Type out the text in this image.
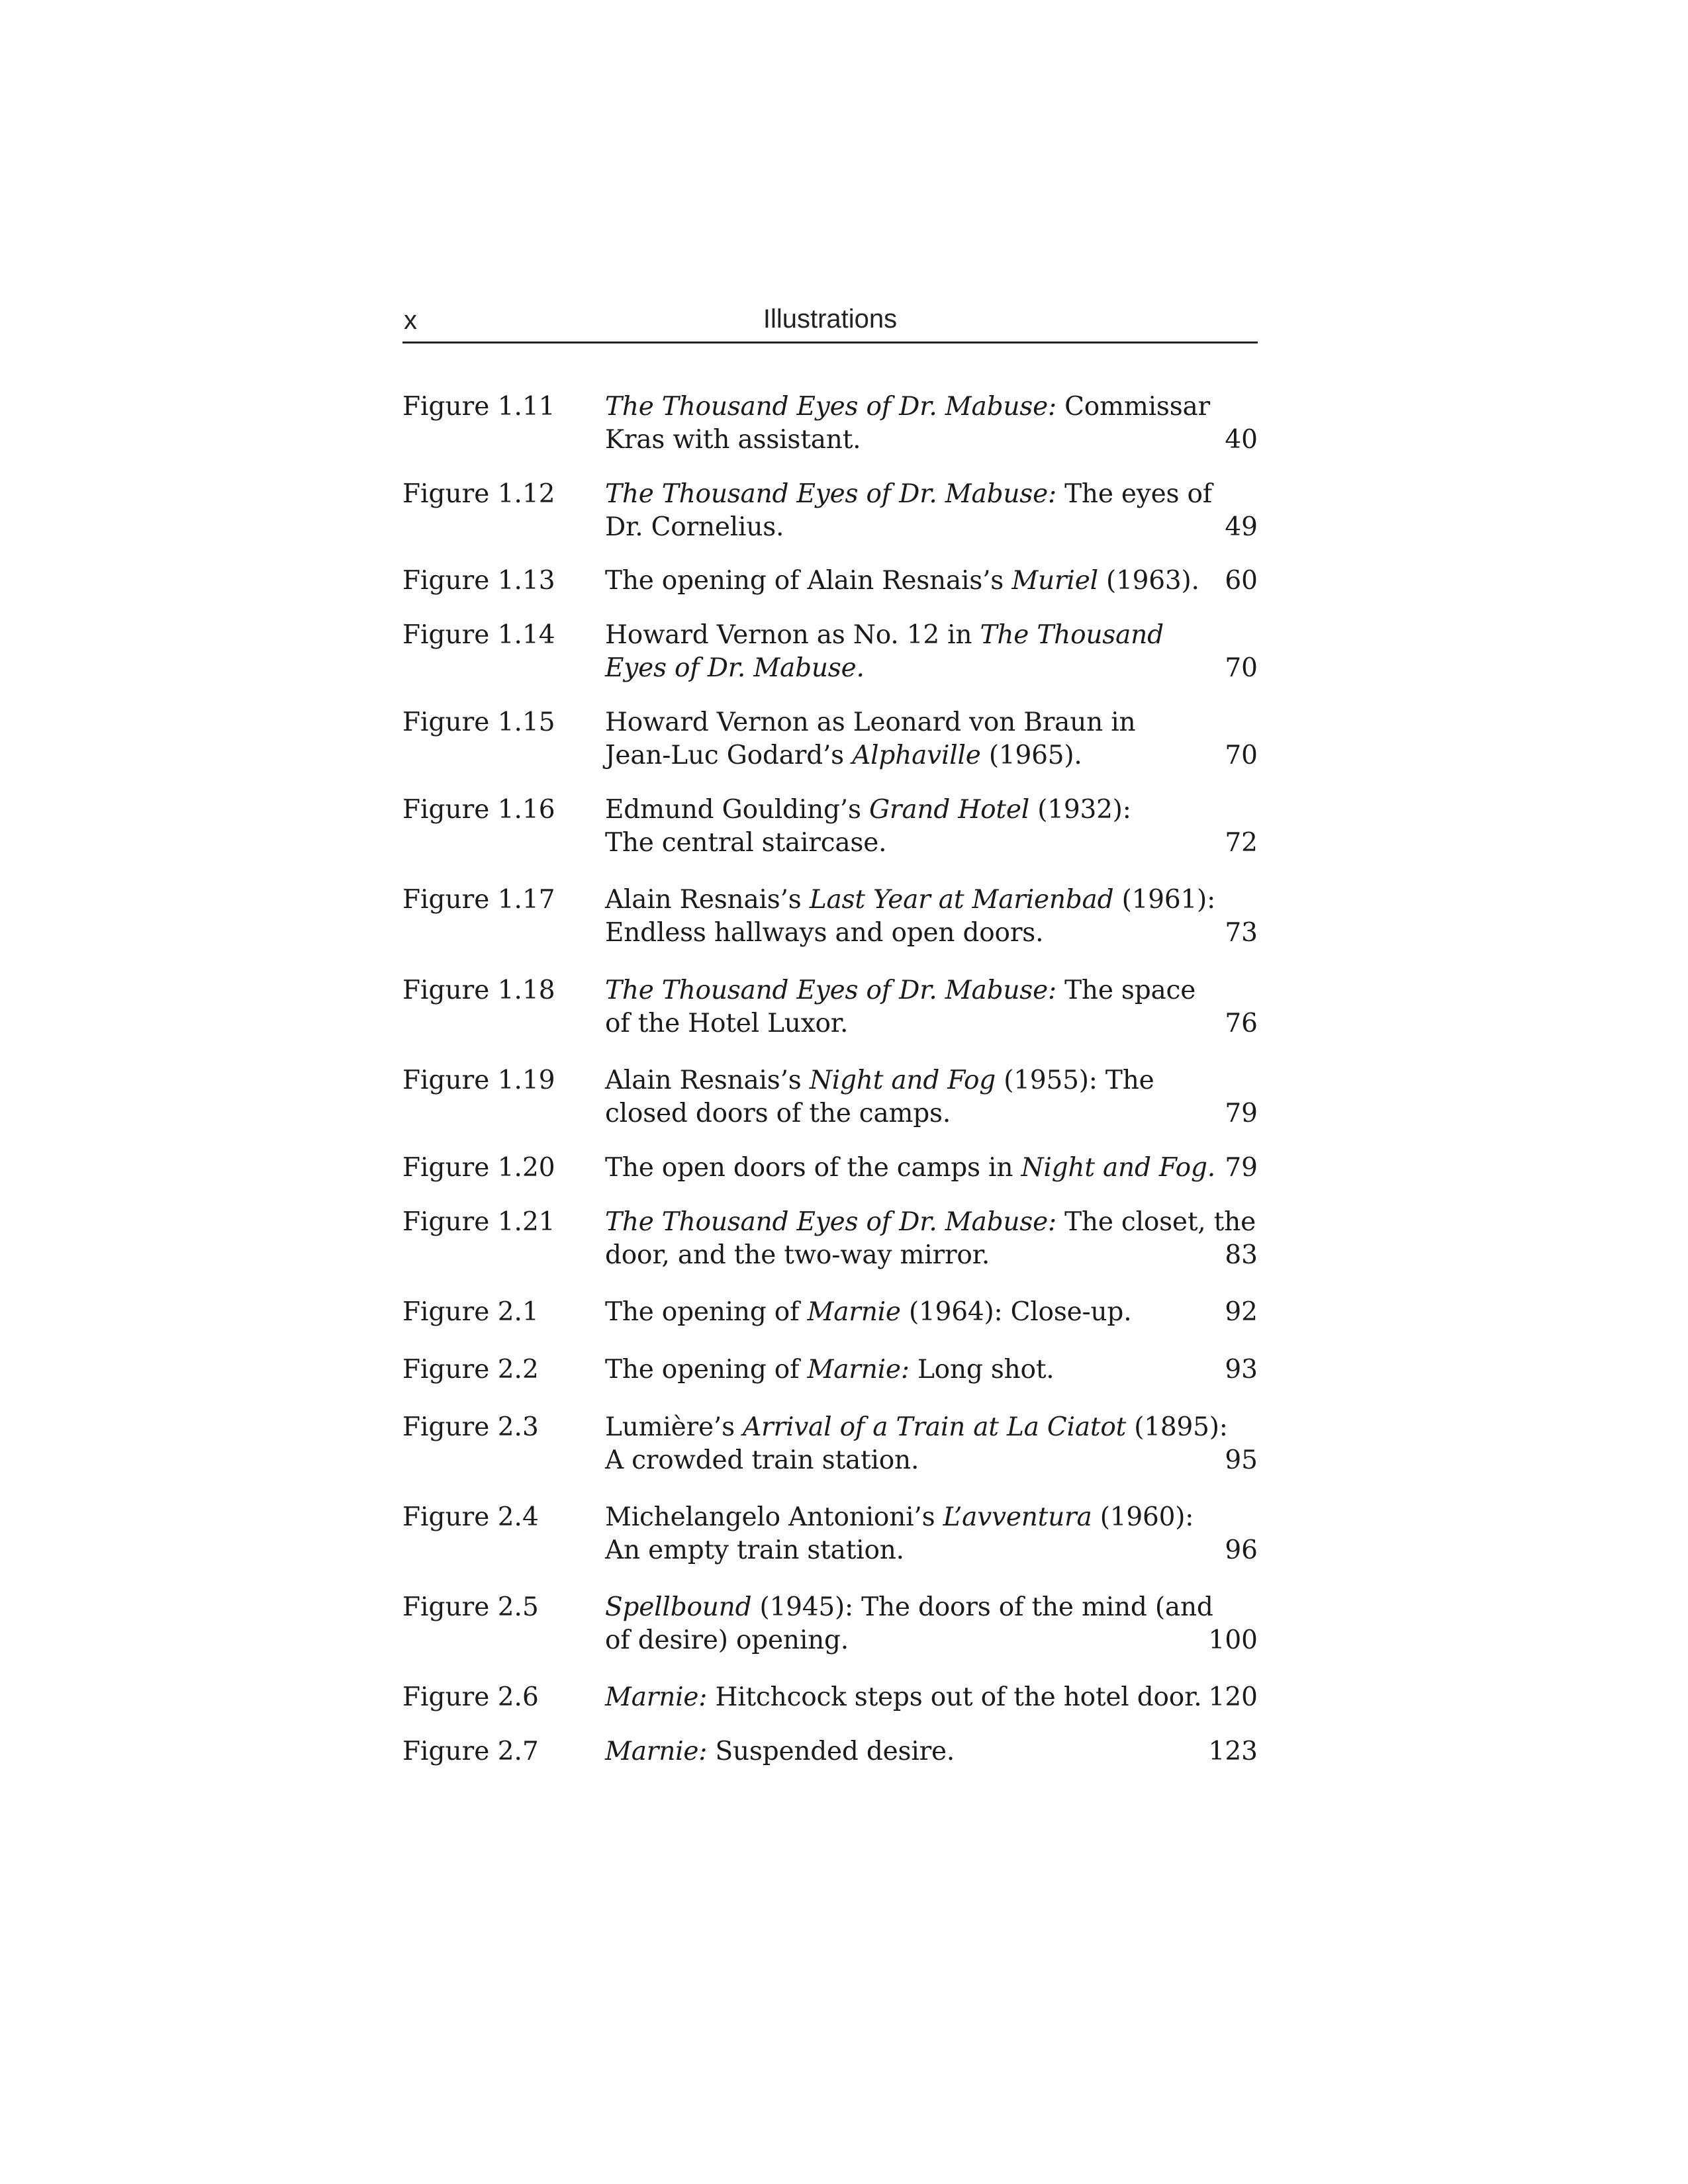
x	Illustrations
Figure 1.11 The Thousand Eyes of Dr. Mabuse: Commissar
Kras with assistant.	40
Figure 1.12 The Thousand Eyes of Dr. Mabuse: The eyes of
Dr. Cornelius.	49
Figure 1.13 The opening of Alain Resnais’s Muriel (1963). 60
Figure 1.14 Howard Vernon as No. 12 in The Thousand
Eyes of Dr. Mabuse.	70
Figure 1.15 Howard Vernon as Leonard von Braun in
Jean-Luc Godard’s Alphaville (1965).	70
Figure 1.16 Edmund Goulding’s Grand Hotel (1932):
The central staircase.	72
Figure 1.17 Alain Resnais’s Last Year at Marienbad (1961):
Endless hallways and open doors.	73
Figure 1.18 The Thousand Eyes of Dr. Mabuse: The space
of the Hotel Luxor.	76
Figure 1.19 Alain Resnais’s Night and Fog (1955): The
closed doors of the camps.	79
Figure 1.20 The open doors of the camps in Night and Fog. 79
Figure 1.21 The Thousand Eyes of Dr. Mabuse: The closet, the
door, and the two-way mirror.	83
Figure 2.1	The opening of Marnie (1964): Close-up.	92
Figure 2.2	The opening of Marnie: Long shot.	93
Figure 2.3	Lumière’s Arrival of a Train at La Ciatot (1895):
A crowded train station.	95
Figure 2.4	Michelangelo Antonioni’s L’avventura (1960):
An empty train station.	96
Figure 2.5	Spellbound (1945): The doors of the mind (and
of desire) opening.	100
Figure 2.6	Marnie: Hitchcock steps out of the hotel door. 120
Figure 2.7	Marnie: Suspended desire.	123
